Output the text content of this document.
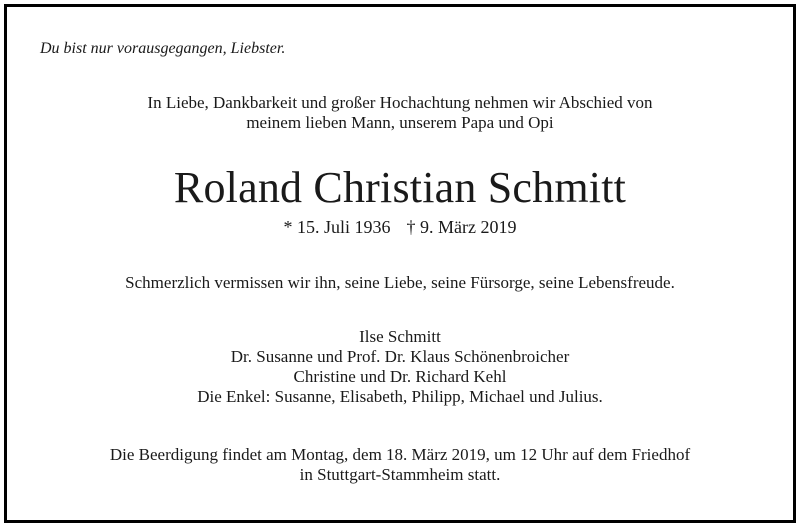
Du bist nur vorausgegangen, Liebster.
In Liebe, Dankbarkeit und großer Hochachtung nehmen wir Abschied von
meinem lieben Mann, unserem Papa und Opi
Roland Christian Schmitt
* 15. Juli 1936 † 9. März 2019
Schmerzlich vermissen wir ihn, seine Liebe, seine Fürsorge, seine Lebensfreude.
Ilse Schmitt
Dr. Susanne und Prof. Dr. Klaus Schönenbroicher
Christine und Dr. Richard Kehl
Die Enkel: Susanne, Elisabeth, Philipp, Michael und Julius.
Die Beerdigung findet am Montag, dem 18. März 2019, um 12 Uhr auf dem Friedhof
in Stuttgart-Stammheim statt.
